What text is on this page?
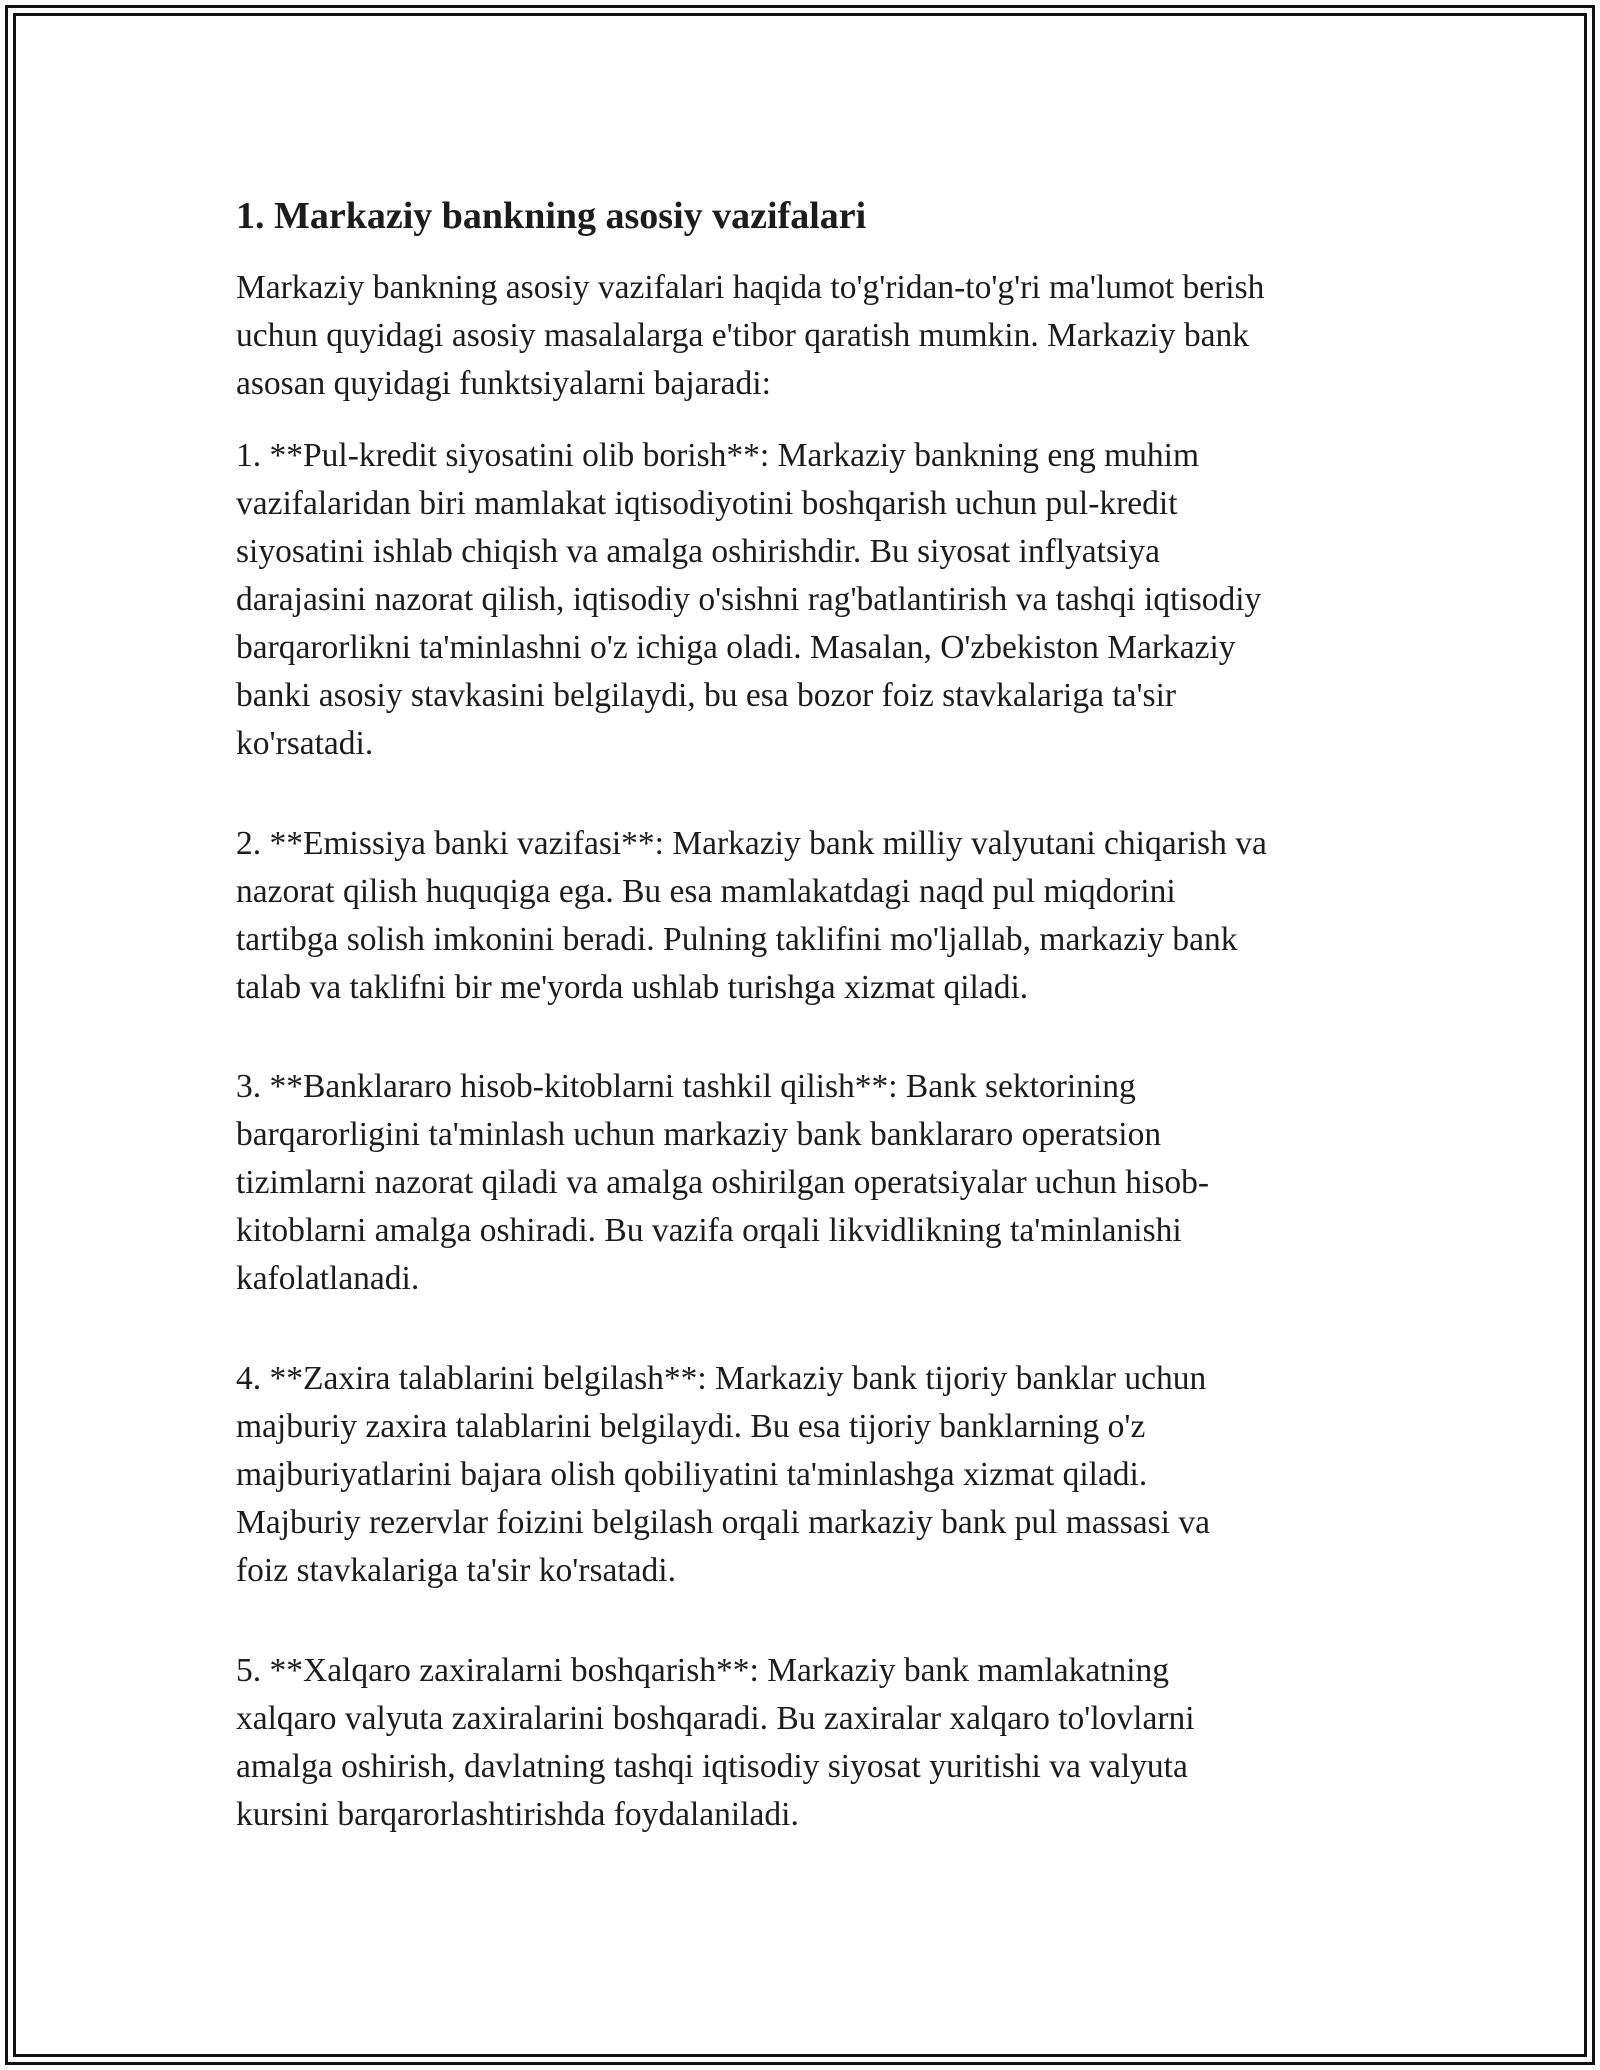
1. Markaziy bankning asosiy vazifalari

Markaziy bankning asosiy vazifalari haqida to'g'ridan-to'g'ri ma'lumot berish
uchun quyidagi asosiy masalalarga e'tibor qaratish mumkin. Markaziy bank
asosan quyidagi funktsiyalarni bajaradi:

1. **Pul-kredit siyosatini olib borish**: Markaziy bankning eng muhim
vazifalaridan biri mamlakat iqtisodiyotini boshqarish uchun pul-kredit
siyosatini ishlab chiqish va amalga oshirishdir. Bu siyosat inflyatsiya
darajasini nazorat qilish, iqtisodiy o'sishni rag'batlantirish va tashqi iqtisodiy
barqarorlikni ta'minlashni o'z ichiga oladi. Masalan, O'zbekiston Markaziy
banki asosiy stavkasini belgilaydi, bu esa bozor foiz stavkalariga ta'sir
ko'rsatadi.

2. **Emissiya banki vazifasi**: Markaziy bank milliy valyutani chiqarish va
nazorat qilish huquqiga ega. Bu esa mamlakatdagi naqd pul miqdorini
tartibga solish imkonini beradi. Pulning taklifini mo'ljallab, markaziy bank
talab va taklifni bir me'yorda ushlab turishga xizmat qiladi.

3. **Banklararo hisob-kitoblarni tashkil qilish**: Bank sektorining
barqarorligini ta'minlash uchun markaziy bank banklararo operatsion
tizimlarni nazorat qiladi va amalga oshirilgan operatsiyalar uchun hisob-
kitoblarni amalga oshiradi. Bu vazifa orqali likvidlikning ta'minlanishi
kafolatlanadi.

4. **Zaxira talablarini belgilash**: Markaziy bank tijoriy banklar uchun
majburiy zaxira talablarini belgilaydi. Bu esa tijoriy banklarning o'z
majburiyatlarini bajara olish qobiliyatini ta'minlashga xizmat qiladi.
Majburiy rezervlar foizini belgilash orqali markaziy bank pul massasi va
foiz stavkalariga ta'sir ko'rsatadi.

5. **Xalqaro zaxiralarni boshqarish**: Markaziy bank mamlakatning
xalqaro valyuta zaxiralarini boshqaradi. Bu zaxiralar xalqaro to'lovlarni
amalga oshirish, davlatning tashqi iqtisodiy siyosat yuritishi va valyuta
kursini barqarorlashtirishda foydalaniladi.
